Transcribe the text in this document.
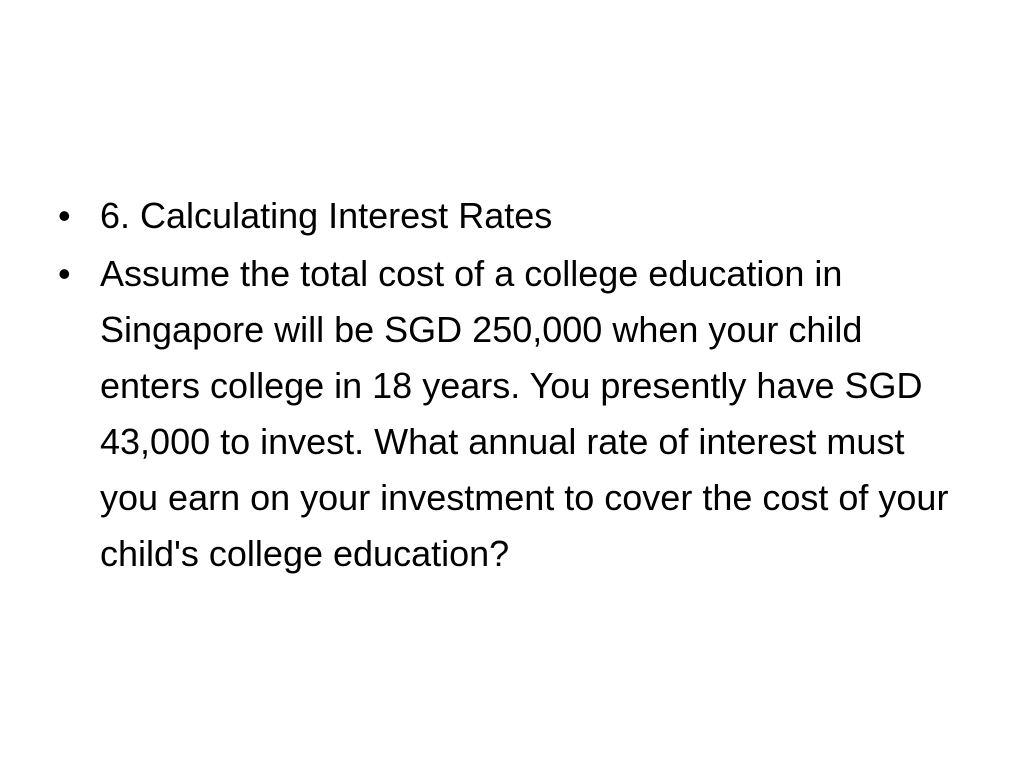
• 6. Calculating Interest Rates
• Assume the total cost of a college education in Singapore will be SGD 250,000 when your child enters college in 18 years. You presently have SGD 43,000 to invest. What annual rate of interest must you earn on your investment to cover the cost of your child's college education?
